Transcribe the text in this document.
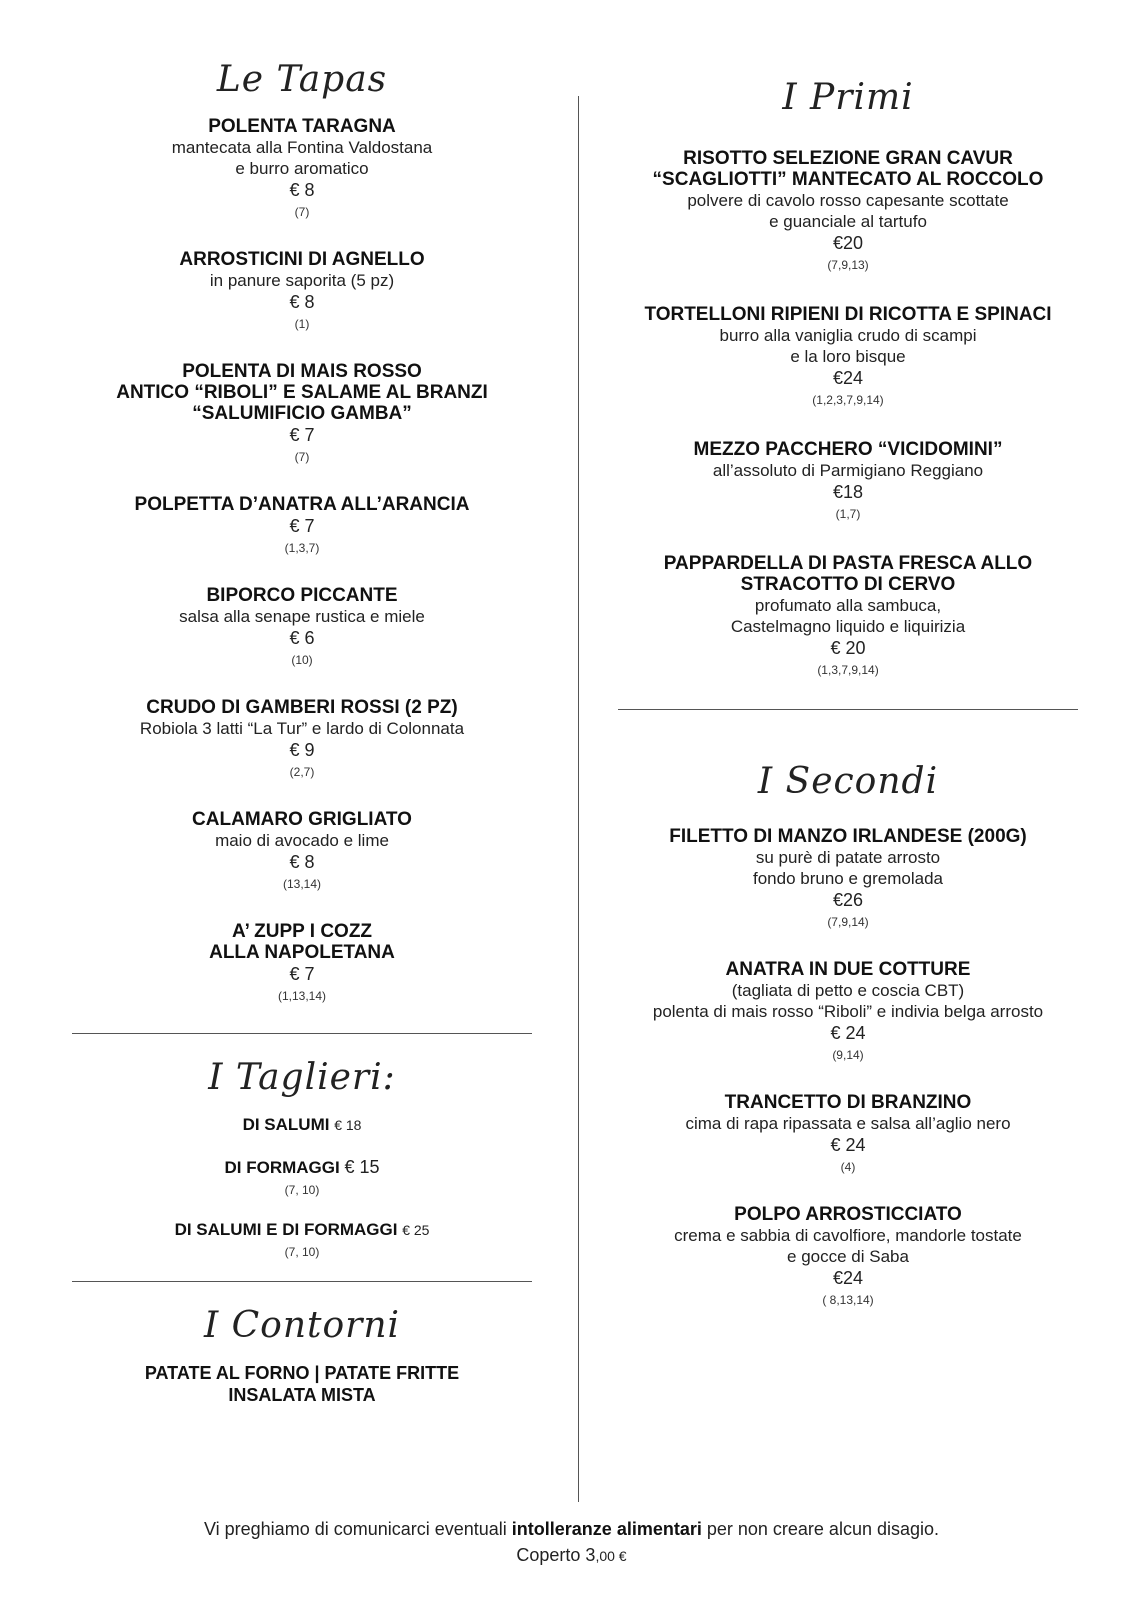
Le Tapas
POLENTA TARAGNA
mantecata alla Fontina Valdostana
e burro aromatico
€ 8
(7)
ARROSTICINI DI AGNELLO
in panure saporita (5 pz)
€ 8
(1)
POLENTA DI MAIS ROSSO
ANTICO “RIBOLI” E SALAME AL BRANZI
“SALUMIFICIO GAMBA”
€ 7
(7)
POLPETTA D’ANATRA ALL’ARANCIA
€ 7
(1,3,7)
BIPORCO PICCANTE
salsa alla senape rustica e miele
€ 6
(10)
CRUDO DI GAMBERI ROSSI (2 PZ)
Robiola 3 latti “La Tur” e lardo di Colonnata
€ 9
(2,7)
CALAMARO GRIGLIATO
maio di avocado e lime
€ 8
(13,14)
A’ ZUPP I COZZ
ALLA NAPOLETANA
€ 7
(1,13,14)
I Taglieri:
DI SALUMI € 18
DI FORMAGGI € 15
(7, 10)
DI SALUMI E DI FORMAGGI € 25
(7, 10)
I Contorni
PATATE AL FORNO | PATATE FRITTE
INSALATA MISTA
I Primi
RISOTTO SELEZIONE GRAN CAVUR
“SCAGLIOTTI” MANTECATO AL ROCCOLO
polvere di cavolo rosso capesante scottate
e guanciale al tartufo
€20
(7,9,13)
TORTELLONI RIPIENI DI RICOTTA E SPINACI
burro alla vaniglia crudo di scampi
e la loro bisque
€24
(1,2,3,7,9,14)
MEZZO PACCHERO “VICIDOMINI”
all’assoluto di Parmigiano Reggiano
€18
(1,7)
PAPPARDELLA DI PASTA FRESCA ALLO
STRACOTTO DI CERVO
profumato alla sambuca,
Castelmagno liquido e liquirizia
€ 20
(1,3,7,9,14)
I Secondi
FILETTO DI MANZO IRLANDESE (200G)
su purè di patate arrosto
fondo bruno e gremolada
€26
(7,9,14)
ANATRA IN DUE COTTURE
(tagliata di petto e coscia CBT)
polenta di mais rosso “Riboli” e indivia belga arrosto
€ 24
(9,14)
TRANCETTO DI BRANZINO
cima di rapa ripassata e salsa all’aglio nero
€ 24
(4)
POLPO ARROSTICCIATO
crema e sabbia di cavolfiore, mandorle tostate
e gocce di Saba
€24
( 8,13,14)
Vi preghiamo di comunicarci eventuali intolleranze alimentari per non creare alcun disagio.
Coperto 3,00 €
